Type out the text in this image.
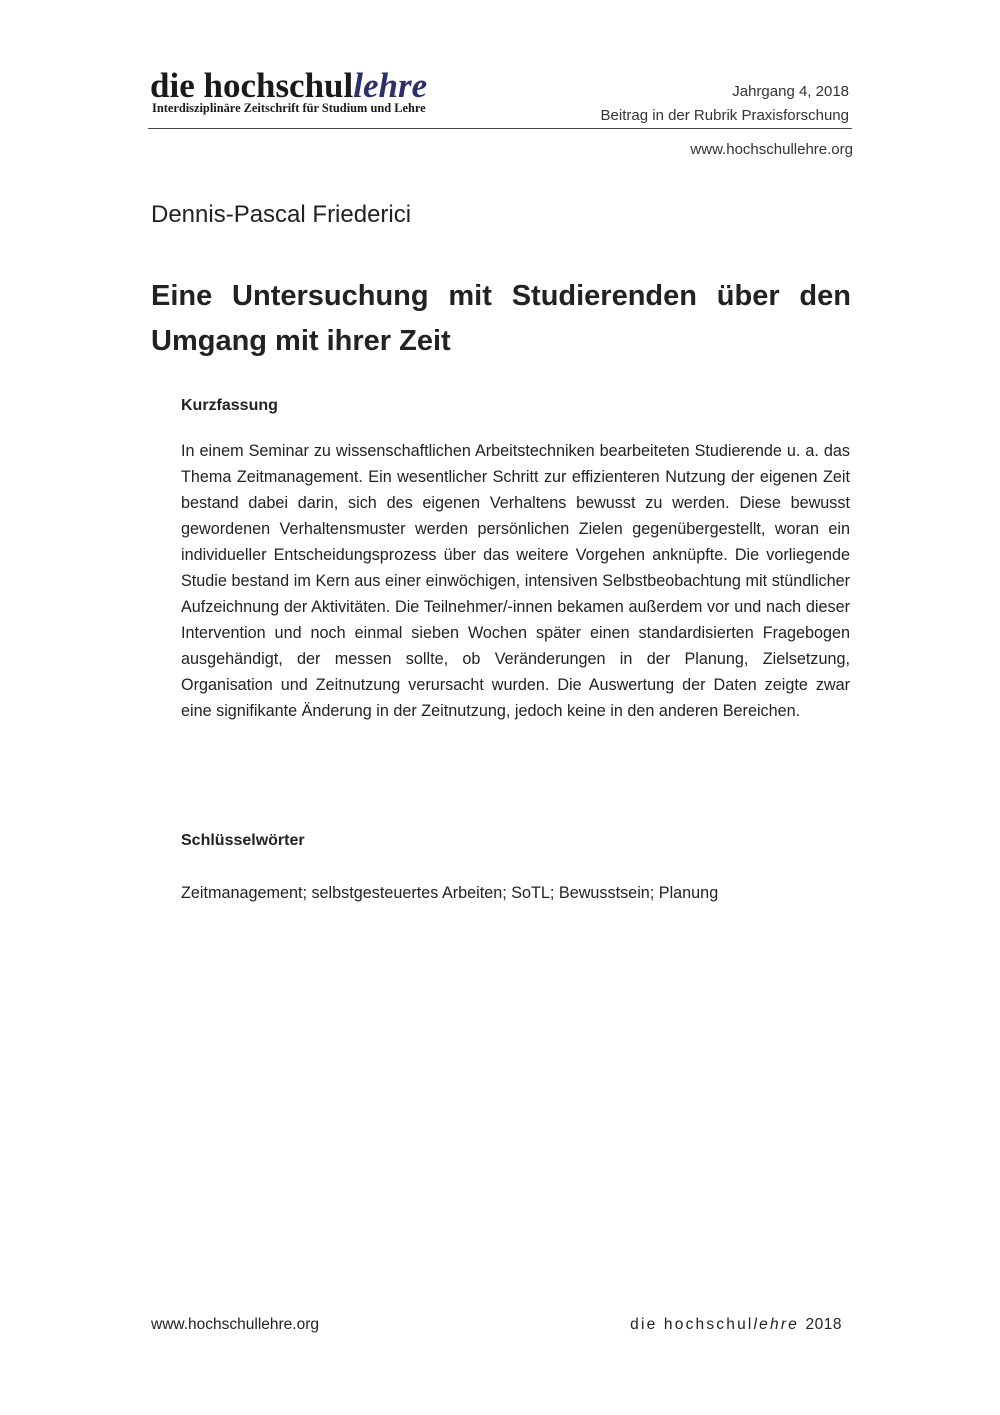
die hochschullehre
Interdisziplinäre Zeitschrift für Studium und Lehre
Jahrgang 4, 2018
Beitrag in der Rubrik Praxisforschung
www.hochschullehre.org
Dennis-Pascal Friederici
Eine Untersuchung mit Studierenden über den Umgang mit ihrer Zeit
Kurzfassung

In einem Seminar zu wissenschaftlichen Arbeitstechniken bearbeiteten Studierende u. a. das Thema Zeitmanagement. Ein wesentlicher Schritt zur effizienteren Nutzung der eigenen Zeit bestand dabei darin, sich des eigenen Verhaltens bewusst zu werden. Diese bewusst gewordenen Verhaltensmuster werden persönlichen Zielen gegenübergestellt, woran ein individueller Entscheidungsprozess über das weitere Vorgehen anknüpfte. Die vorliegende Studie bestand im Kern aus einer einwöchigen, intensiven Selbstbeobachtung mit stündlicher Aufzeichnung der Aktivitäten. Die Teilnehmer/-innen bekamen außerdem vor und nach dieser Intervention und noch einmal sieben Wochen später einen standardisierten Fragebogen ausgehändigt, der messen sollte, ob Veränderungen in der Planung, Zielsetzung, Organisation und Zeitnutzung verursacht wurden. Die Auswertung der Daten zeigte zwar eine signifikante Änderung in der Zeitnutzung, jedoch keine in den anderen Bereichen.

Schlüsselwörter

Zeitmanagement; selbstgesteuertes Arbeiten; SoTL; Bewusstsein; Planung

www.hochschullehre.org	die hochschullehre 2018
